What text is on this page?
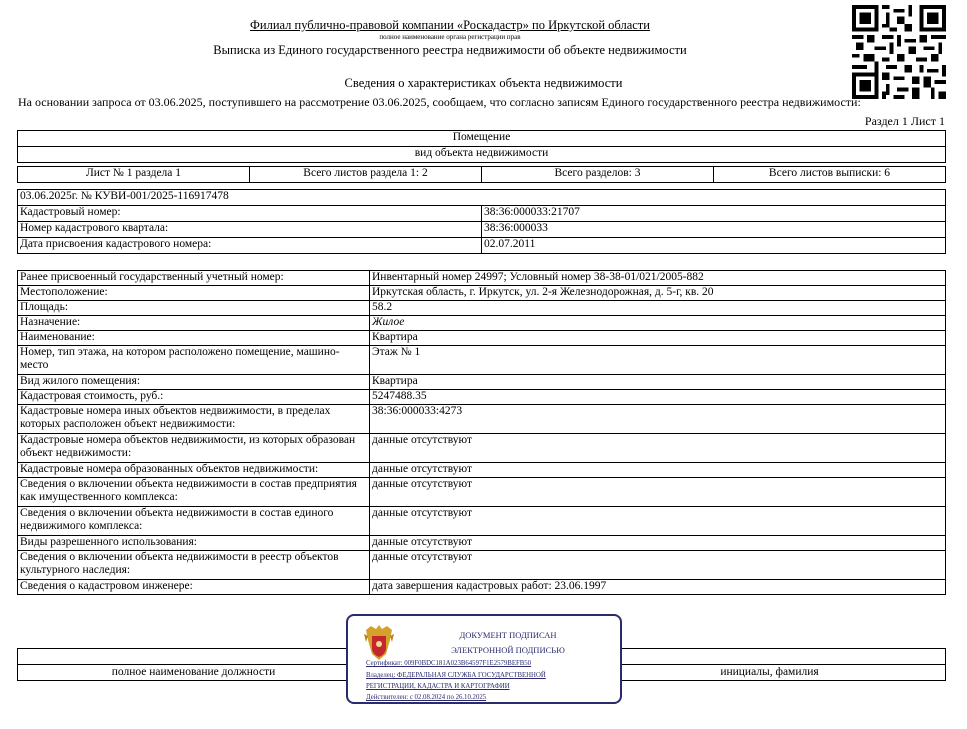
Филиал публично-правовой компании «Роскадастр» по Иркутской области
полное наименование органа регистрации прав
Выписка из Единого государственного реестра недвижимости об объекте недвижимости
Сведения о характеристиках объекта недвижимости
На основании запроса от 03.06.2025, поступившего на рассмотрение 03.06.2025, сообщаем, что согласно записям Единого государственного реестра недвижимости:
Раздел 1 Лист 1
Помещение
вид объекта недвижимости

Лист № 1 раздела 1	Всего листов раздела 1: 2	Всего разделов: 3	Всего листов выписки: 6
03.06.2025г. № КУВИ-001/2025-116917478	
Кадастровый номер:	38:36:000033:21707
Номер кадастрового квартала:	38:36:000033
Дата присвоения кадастрового номера:	02.07.2011
Ранее присвоенный государственный учетный номер:	Инвентарный номер 24997; Условный номер 38-38-01/021/2005-882
Местоположение:	Иркутская область, г. Иркутск, ул. 2-я Железнодорожная, д. 5-г, кв. 20
Площадь:	58.2
Назначение:	Жилое
Наименование:	Квартира
Номер, тип этажа, на котором расположено помещение, машино-место	Этаж № 1
Вид жилого помещения:	Квартира
Кадастровая стоимость, руб.:	5247488.35
Кадастровые номера иных объектов недвижимости, в пределах которых расположен объект недвижимости:	38:36:000033:4273
Кадастровые номера объектов недвижимости, из которых образован объект недвижимости:	данные отсутствуют
Кадастровые номера образованных объектов недвижимости:	данные отсутствуют
Сведения о включении объекта недвижимости в состав предприятия как имущественного комплекса:	данные отсутствуют
Сведения о включении объекта недвижимости в состав единого недвижимого комплекса:	данные отсутствуют
Виды разрешенного использования:	данные отсутствуют
Сведения о включении объекта недвижимости в реестр объектов культурного наследия:	данные отсутствуют
Сведения о кадастровом инженере:	дата завершения кадастровых работ: 23.06.1997

полное наименование должности		инициалы, фамилия
ДОКУМЕНТ ПОДПИСАН
ЭЛЕКТРОННОЙ ПОДПИСЬЮ
Сертификат: 009F0BDC181A023B64597F1E2579BEFB50
Владелец: ФЕДЕРАЛЬНАЯ СЛУЖБА ГОСУДАРСТВЕННОЙ
РЕГИСТРАЦИИ, КАДАСТРА И КАРТОГРАФИИ
Действителен: с 02.08.2024 по 26.10.2025
